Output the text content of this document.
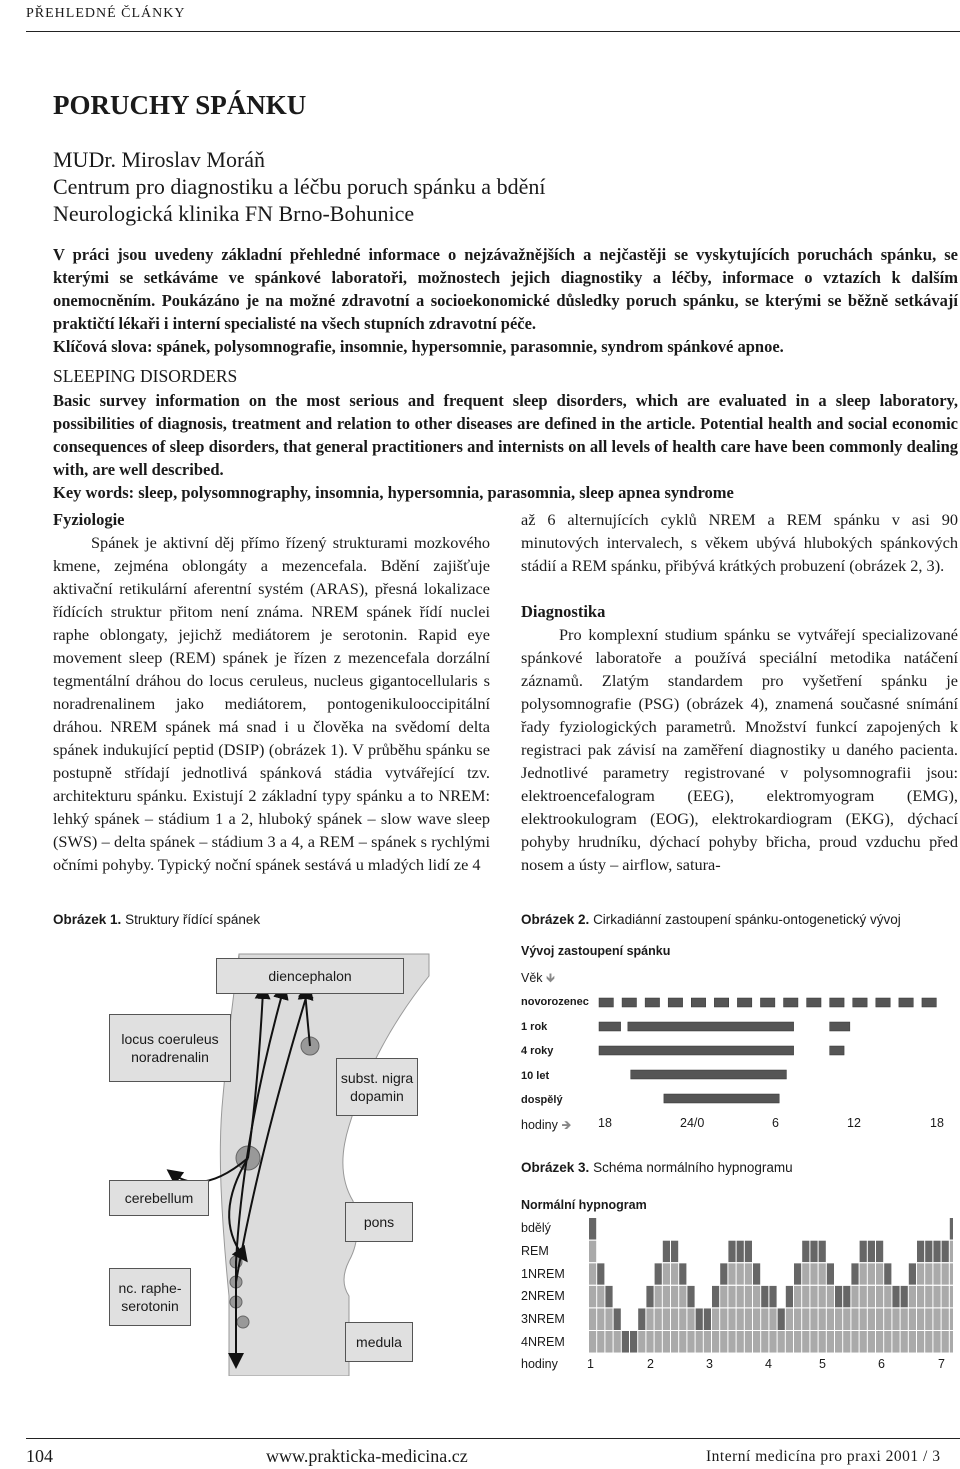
PŘEHLEDNÉ ČLÁNKY
PORUCHY SPÁNKU
MUDr. Miroslav Moráň
Centrum pro diagnostiku a léčbu poruch spánku a bdění
Neurologická klinika FN Brno-Bohunice
V práci jsou uvedeny základní přehledné informace o nejzávažnějších a nejčastěji se vyskytujících poruchách spánku, se kterými se setkáváme ve spánkové laboratoři, možnostech jejich diagnostiky a léčby, informace o vztazích k dalším onemocněním. Poukázáno je na možné zdravotní a socioekonomické důsledky poruch spánku, se kterými se běžně setkávají praktičtí lékaři i interní specialisté na všech stupních zdravotní péče.
Klíčová slova: spánek, polysomnografie, insomnie, hypersomnie, parasomnie, syndrom spánkové apnoe.
SLEEPING DISORDERS
Basic survey information on the most serious and frequent sleep disorders, which are evaluated in a sleep laboratory, possibilities of diagnosis, treatment and relation to other diseases are defined in the article. Potential health and social economic consequences of sleep disorders, that general practitioners and internists on all levels of health care have been commonly dealing with, are well described.
Key words: sleep, polysomnography, insomnia, hypersomnia, parasomnia, sleep apnea syndrome
Fyziologie

Spánek je aktivní děj přímo řízený strukturami mozkového kmene, zejména oblongáty a mezencefala. Bdění zajišťuje aktivační retikulární aferentní systém (ARAS), přesná lokalizace řídících struktur přitom není známa. NREM spánek řídí nuclei raphe oblongaty, jejichž mediátorem je serotonin. Rapid eye movement sleep (REM) spánek je řízen z mezencefala dorzální tegmentální dráhou do locus ceruleus, nucleus gigantocellularis s noradrenalinem jako mediátorem, pontogenikulooccipitální dráhou. NREM spánek má snad i u člověka na svědomí delta spánek indukující peptid (DSIP) (obrázek 1). V průběhu spánku se postupně střídají jednotlivá spánková stádia vytvářející tzv. architekturu spánku. Existují 2 základní typy spánku a to NREM: lehký spánek – stádium 1 a 2, hluboký spánek – slow wave sleep (SWS) – delta spánek – stádium 3 a 4, a REM – spánek s rychlými očními pohyby. Typický noční spánek sestává u mladých lidí ze 4

až 6 alternujících cyklů NREM a REM spánku v asi 90 minutových intervalech, s věkem ubývá hlubokých spánkových stádií a REM spánku, přibývá krátkých probuzení (obrázek 2, 3).

Diagnostika

Pro komplexní studium spánku se vytvářejí specializované spánkové laboratoře a používá speciální metodika natáčení záznamů. Zlatým standardem pro vyšetření spánku je polysomnografie (PSG) (obrázek 4), znamená současné snímání řady fyziologických parametrů. Množství funkcí zapojených k registraci pak závisí na zaměření diagnostiky u daného pacienta. Jednotlivé parametry registrované v polysomnografii jsou: elektroencefalogram (EEG), elektromyogram (EMG), elektrookulogram (EOG), elektrokardiogram (EKG), dýchací pohyby hrudníku, dýchací pohyby břicha, proud vzduchu před nosem a ústy – airflow, satura-

Obrázek 1. Struktury řídící spánek
diencephalon
locus coeruleus
noradrenalin
subst. nigra
dopamin
cerebellum
pons
nc. raphe-
serotonin
medula
Obrázek 2. Cirkadiánní zastoupení spánku-ontogenetický vývoj
Vývoj zastoupení spánku
Věk 🡻
novorozenec
1 rok
4 roky
10 let
dospělý
hodiny 🡺 18	24/0	6	12	18
Obrázek 3. Schéma normálního hypnogramu
Normální hypnogram
bdělý
REM
1NREM
2NREM
3NREM
4NREM
hodiny 1	2	3	4	5	6	7
104	www.prakticka-medicina.cz	Interní medicína pro praxi 2001 / 3
